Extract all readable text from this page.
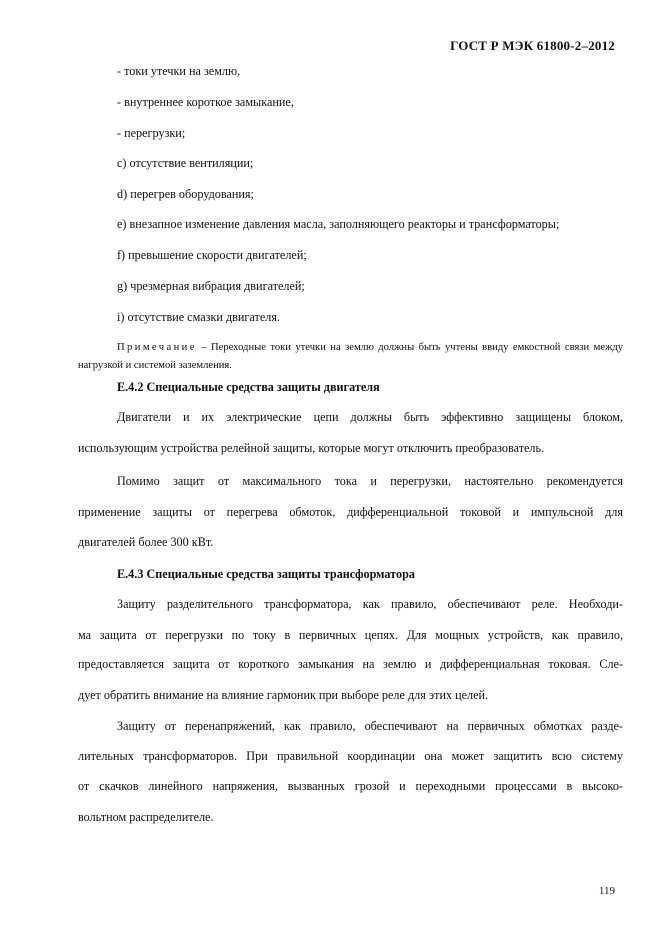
ГОСТ Р МЭК 61800-2–2012
- токи утечки на землю,
- внутреннее короткое замыкание,
- перегрузки;
c) отсутствие вентиляции;
d) перегрев оборудования;
e) внезапное изменение давления масла, заполняющего реакторы и трансформаторы;
f) превышение скорости двигателей;
g) чрезмерная вибрация двигателей;
i) отсутствие смазки двигателя.
Примечание – Переходные токи утечки на землю должны быть учтены ввиду емкостной связи между нагрузкой и системой заземления.
Е.4.2 Специальные средства защиты двигателя
Двигатели и их электрические цепи должны быть эффективно защищены блоком,
использующим устройства релейной защиты, которые могут отключить преобразователь.
Помимо защит от максимального тока и перегрузки, настоятельно рекомендуется
применение защиты от перегрева обмоток, дифференциальной токовой и импульсной для
двигателей более 300 кВт.
Е.4.3 Специальные средства защиты трансформатора
Защиту разделительного трансформатора, как правило, обеспечивают реле. Необходи-
ма защита от перегрузки по току в первичных цепях. Для мощных устройств, как правило,
предоставляется защита от короткого замыкания на землю и дифференциальная токовая. Сле-
дует обратить внимание на влияние гармоник при выборе реле для этих целей.
Защиту от перенапряжений, как правило, обеспечивают на первичных обмотках разде-
лительных трансформаторов. При правильной координации она может защитить всю систему
от скачков линейного напряжения, вызванных грозой и переходными процессами в высоко-
вольтном распределителе.
119
